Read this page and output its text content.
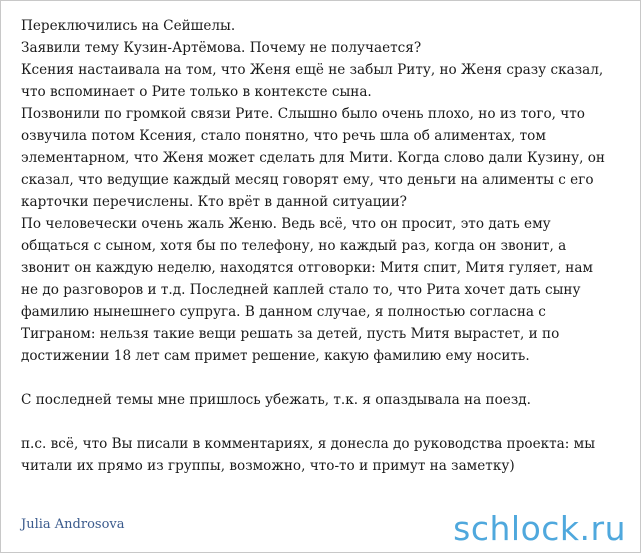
Переключились на Сейшелы.
Заявили тему Кузин-Артёмова. Почему не получается?
Ксения настаивала на том, что Женя ещё не забыл Риту, но Женя сразу сказал,
что вспоминает о Рите только в контексте сына.
Позвонили по громкой связи Рите. Слышно было очень плохо, но из того, что
озвучила потом Ксения, стало понятно, что речь шла об алиментах, том
элементарном, что Женя может сделать для Мити. Когда слово дали Кузину, он
сказал, что ведущие каждый месяц говорят ему, что деньги на алименты с его
карточки перечислены. Кто врёт в данной ситуации?
По человечески очень жаль Женю. Ведь всё, что он просит, это дать ему
общаться с сыном, хотя бы по телефону, но каждый раз, когда он звонит, а
звонит он каждую неделю, находятся отговорки: Митя спит, Митя гуляет, нам
не до разговоров и т.д. Последней каплей стало то, что Рита хочет дать сыну
фамилию нынешнего супруга. В данном случае, я полностью согласна с
Тиграном: нельзя такие вещи решать за детей, пусть Митя вырастет, и по
достижении 18 лет сам примет решение, какую фамилию ему носить.
С последней темы мне пришлось убежать, т.к. я опаздывала на поезд.
п.с. всё, что Вы писали в комментариях, я донесла до руководства проекта: мы
читали их прямо из группы, возможно, что-то и примут на заметку)
Julia Androsova	schlock.ru
